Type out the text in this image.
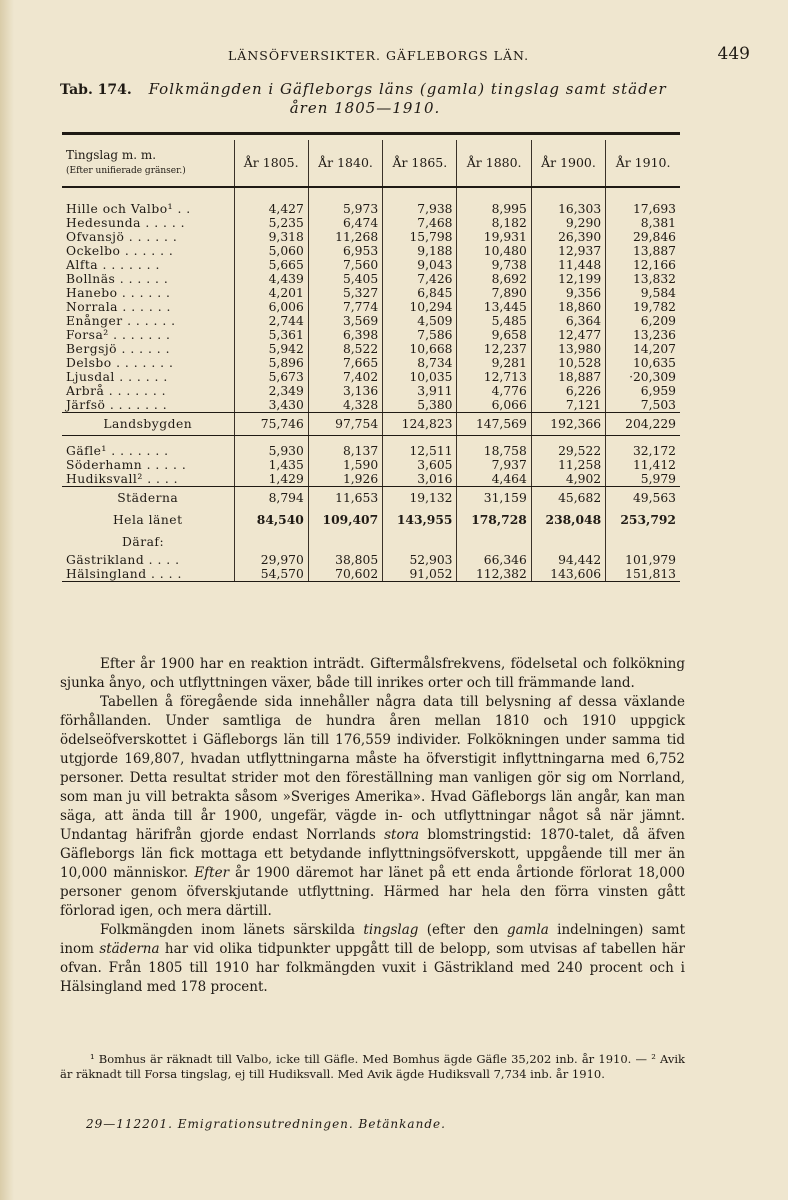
LÄNSÖFVERSIKTER. GÄFLEBORGS LÄN.	449
Tab. 174. Folkmängden i Gäfleborgs läns (gamla) tingslag samt städer
åren 1805—1910.
Tingslag m. m.
(Efter unifierade gränser.)	År 1805.	År 1840.	År 1865.	År 1880.	År 1900.	År 1910.

Hille och Valbo¹ . .	4,427	5,973	7,938	8,995	16,303	17,693
Hedesunda . . . . .	5,235	6,474	7,468	8,182	9,290	8,381
Ofvansjö . . . . . .	9,318	11,268	15,798	19,931	26,390	29,846
Ockelbo . . . . . .	5,060	6,953	9,188	10,480	12,937	13,887
Alfta . . . . . . .	5,665	7,560	9,043	9,738	11,448	12,166
Bollnäs . . . . . .	4,439	5,405	7,426	8,692	12,199	13,832
Hanebo . . . . . .	4,201	5,327	6,845	7,890	9,356	9,584
Norrala . . . . . .	6,006	7,774	10,294	13,445	18,860	19,782
Enånger . . . . . .	2,744	3,569	4,509	5,485	6,364	6,209
Forsa² . . . . . . .	5,361	6,398	7,586	9,658	12,477	13,236
Bergsjö . . . . . .	5,942	8,522	10,668	12,237	13,980	14,207
Delsbo . . . . . . .	5,896	7,665	8,734	9,281	10,528	10,635
Ljusdal . . . . . .	5,673	7,402	10,035	12,713	18,887	·20,309
Arbrå . . . . . . .	2,349	3,136	3,911	4,776	6,226	6,959
Järfsö . . . . . . .	3,430	4,328	5,380	6,066	7,121	7,503
Landsbygden	75,746	97,754	124,823	147,569	192,366	204,229

Gäfle¹ . . . . . . .	5,930	8,137	12,511	18,758	29,522	32,172
Söderhamn . . . . .	1,435	1,590	3,605	7,937	11,258	11,412
Hudiksvall² . . . .	1,429	1,926	3,016	4,464	4,902	5,979
Städerna	8,794	11,653	19,132	31,159	45,682	49,563
Hela länet	84,540	109,407	143,955	178,728	238,048	253,792
Däraf:						
Gästrikland . . . .	29,970	38,805	52,903	66,346	94,442	101,979
Hälsingland . . . .	54,570	70,602	91,052	112,382	143,606	151,813

Efter år 1900 har en reaktion inträdt. Giftermålsfrekvens, födelsetal och folkökning sjunka ånyo, och utflyttningen växer, både till inrikes orter och till främmande land.

Tabellen å föregående sida innehåller några data till belysning af dessa växlande förhållanden. Under samtliga de hundra åren mellan 1810 och 1910 uppgick ödelseöfverskottet i Gäfleborgs län till 176,559 individer. Folkökningen under samma tid utgjorde 169,807, hvadan utflyttningarna måste ha öfverstigit inflyttningarna med 6,752 personer. Detta resultat strider mot den föreställning man vanligen gör sig om Norrland, som man ju vill betrakta såsom »Sveriges Amerika». Hvad Gäfleborgs län angår, kan man säga, att ända till år 1900, ungefär, vägde in- och utflyttningar något så när jämnt. Undantag härifrån gjorde endast Norrlands stora blomstringstid: 1870-talet, då äfven Gäfleborgs län fick mottaga ett betydande inflyttningsöfverskott, uppgående till mer än 10,000 människor. Efter år 1900 däremot har länet på ett enda årtionde förlorat 18,000 personer genom öfverskjutande utflyttning. Härmed har hela den förra vinsten gått förlorad igen, och mera därtill.

Folkmängden inom länets särskilda tingslag (efter den gamla indelningen) samt inom städerna har vid olika tidpunkter uppgått till de belopp, som utvisas af tabellen här ofvan. Från 1805 till 1910 har folkmängden vuxit i Gästrikland med 240 procent och i Hälsingland med 178 procent.

¹ Bomhus är räknadt till Valbo, icke till Gäfle. Med Bomhus ägde Gäfle 35,202 inb. år 1910. — ² Avik är räknadt till Forsa tingslag, ej till Hudiksvall. Med Avik ägde Hudiksvall 7,734 inb. år 1910.

29—112201. Emigrationsutredningen. Betänkande.
